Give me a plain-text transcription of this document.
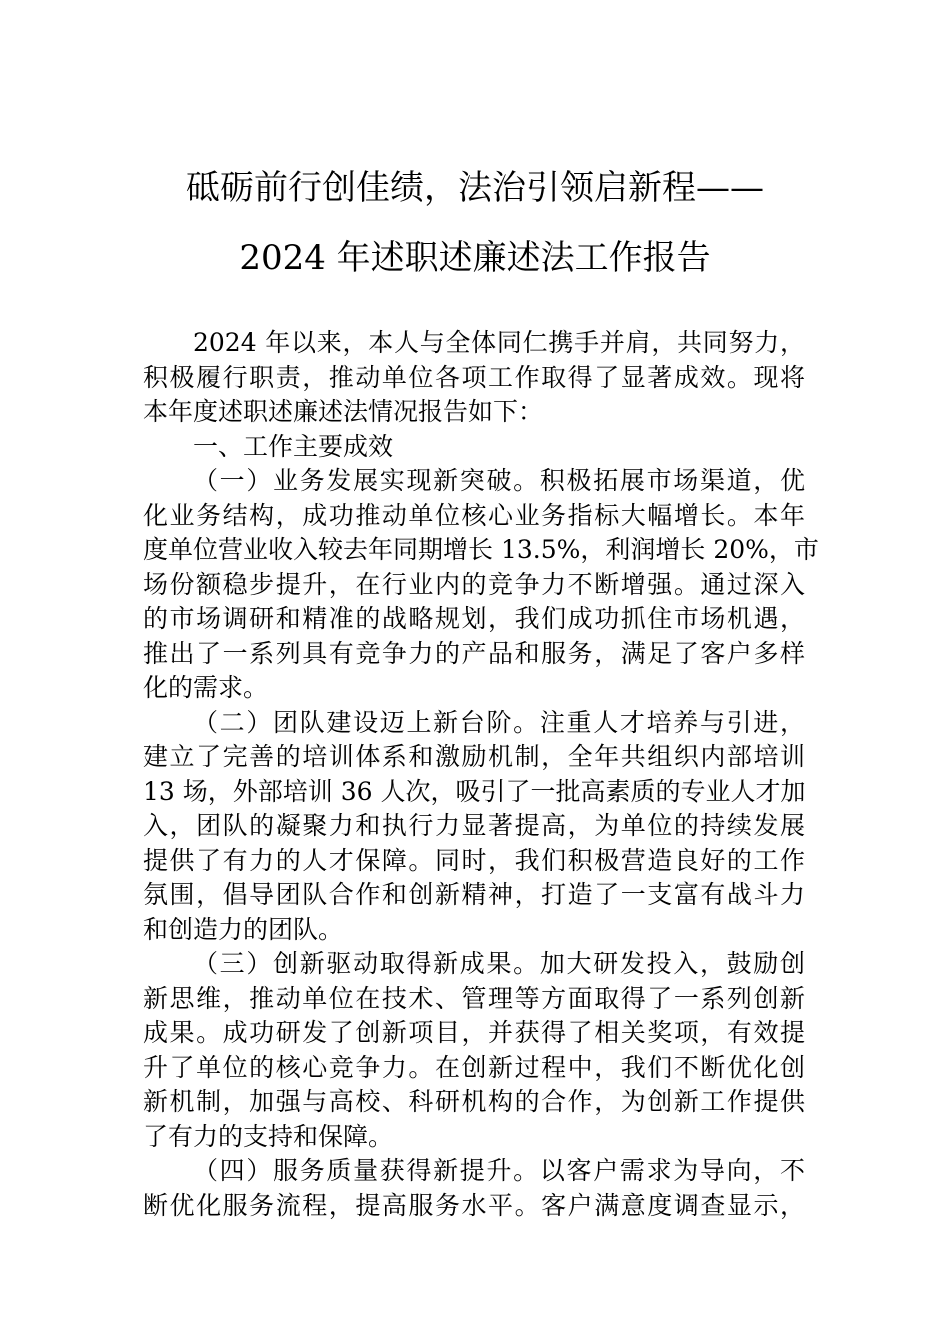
砥砺前行创佳绩，法治引领启新程——
2024 年述职述廉述法工作报告
2024 年以来，本人与全体同仁携手并肩，共同努力，
积极履行职责，推动单位各项工作取得了显著成效。现将
本年度述职述廉述法情况报告如下：
一、工作主要成效
（一）业务发展实现新突破。积极拓展市场渠道，优
化业务结构，成功推动单位核心业务指标大幅增长。本年
度单位营业收入较去年同期增长 13.5%，利润增长 20%，市
场份额稳步提升，在行业内的竞争力不断增强。通过深入
的市场调研和精准的战略规划，我们成功抓住市场机遇，
推出了一系列具有竞争力的产品和服务，满足了客户多样
化的需求。
（二）团队建设迈上新台阶。注重人才培养与引进，
建立了完善的培训体系和激励机制，全年共组织内部培训
13 场，外部培训 36 人次，吸引了一批高素质的专业人才加
入，团队的凝聚力和执行力显著提高，为单位的持续发展
提供了有力的人才保障。同时，我们积极营造良好的工作
氛围，倡导团队合作和创新精神，打造了一支富有战斗力
和创造力的团队。
（三）创新驱动取得新成果。加大研发投入，鼓励创
新思维，推动单位在技术、管理等方面取得了一系列创新
成果。成功研发了创新项目，并获得了相关奖项，有效提
升了单位的核心竞争力。在创新过程中，我们不断优化创
新机制，加强与高校、科研机构的合作，为创新工作提供
了有力的支持和保障。
（四）服务质量获得新提升。以客户需求为导向，不
断优化服务流程，提高服务水平。客户满意度调查显示，
